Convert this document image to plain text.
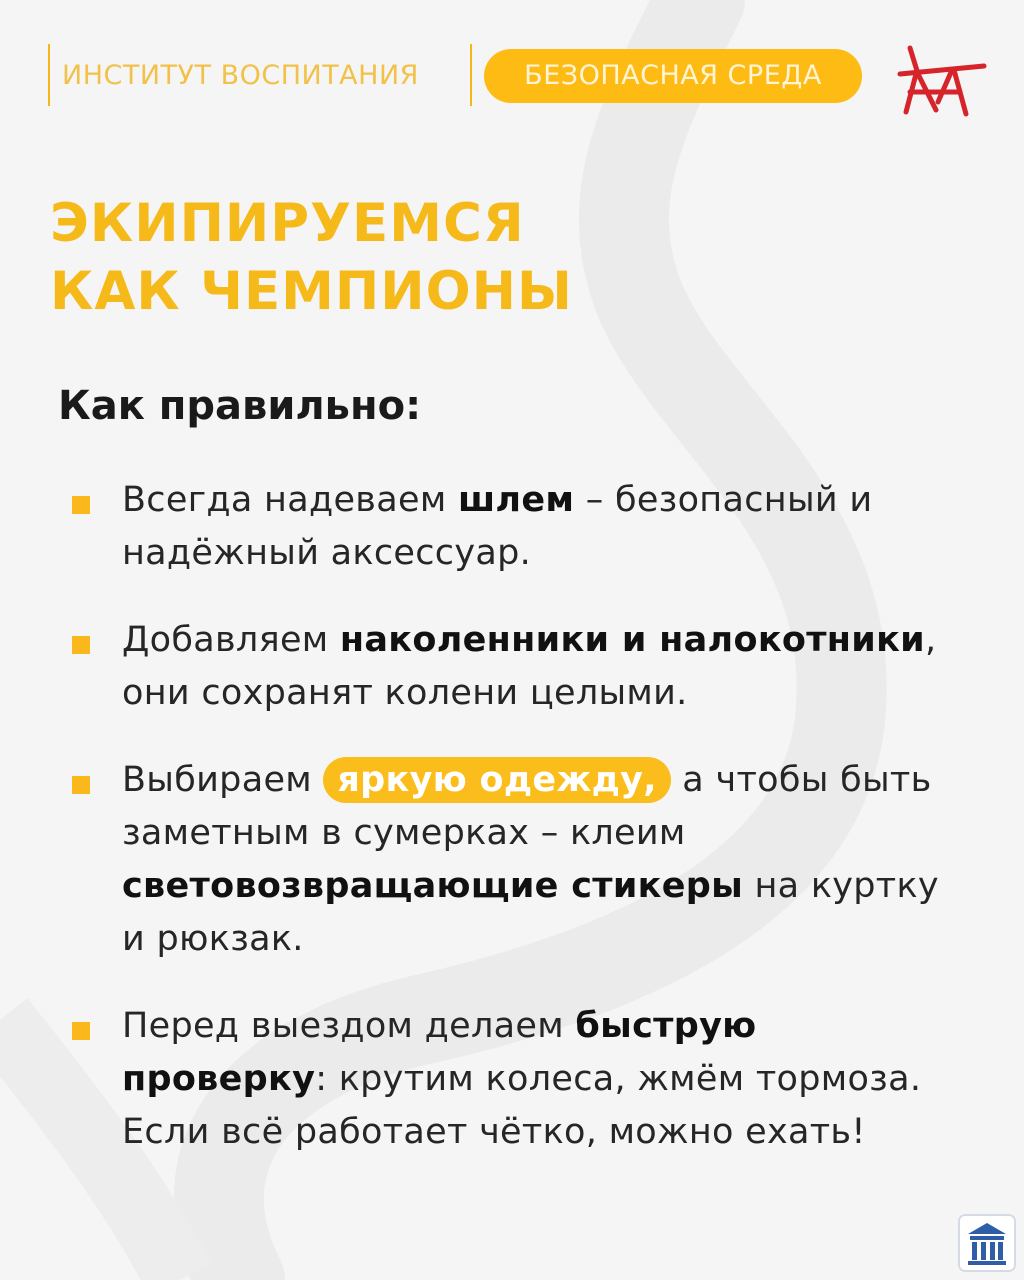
ИНСТИТУТ ВОСПИТАНИЯ	БЕЗОПАСНАЯ СРЕДА
ЭКИПИРУЕМСЯ
КАК ЧЕМПИОНЫ
Как правильно:
Всегда надеваем шлем – безопасный и надёжный аксессуар.
Добавляем наколенники и налокотники, они сохранят колени целыми.
Выбираем яркую одежду, а чтобы быть заметным в сумерках – клеим световозвращающие стикеры на куртку и рюкзак.
Перед выездом делаем быструю проверку: крутим колеса, жмём тормоза. Если всё работает чётко, можно ехать!
